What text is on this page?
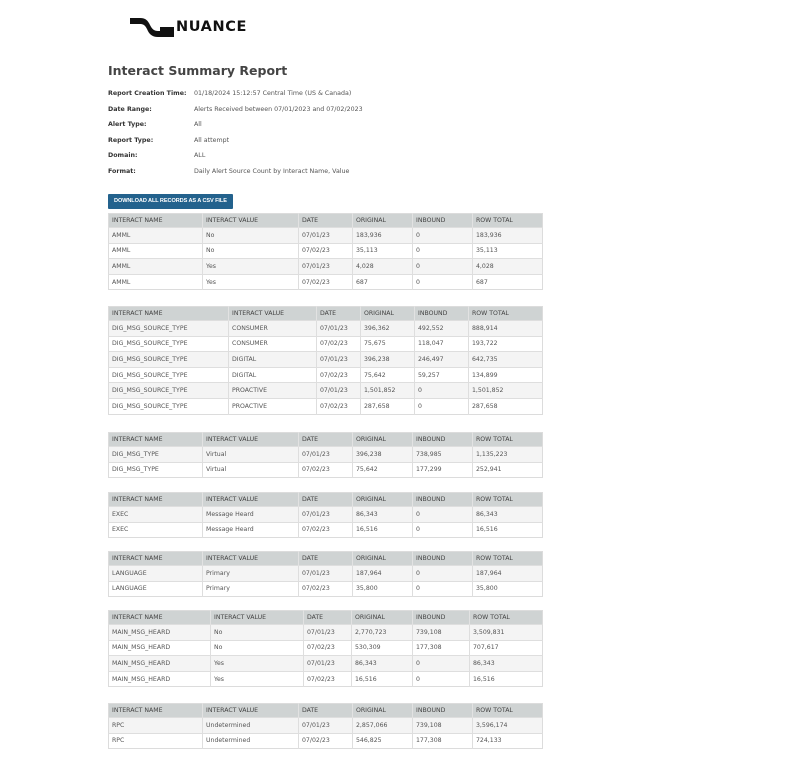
NUANCE
Interact Summary Report
Report Creation Time:	01/18/2024 15:12:57 Central Time (US & Canada)
Date Range:	Alerts Received between 07/01/2023 and 07/02/2023
Alert Type:	All
Report Type:	All attempt
Domain:	ALL
Format:	Daily Alert Source Count by Interact Name, Value
DOWNLOAD ALL RECORDS AS A CSV FILE
INTERACT NAME	INTERACT VALUE	DATE	ORIGINAL	INBOUND	ROW TOTAL
AMML	No	07/01/23	183,936	0	183,936
AMML	No	07/02/23	35,113	0	35,113
AMML	Yes	07/01/23	4,028	0	4,028
AMML	Yes	07/02/23	687	0	687
INTERACT NAME	INTERACT VALUE	DATE	ORIGINAL	INBOUND	ROW TOTAL
DIG_MSG_SOURCE_TYPE	CONSUMER	07/01/23	396,362	492,552	888,914
DIG_MSG_SOURCE_TYPE	CONSUMER	07/02/23	75,675	118,047	193,722
DIG_MSG_SOURCE_TYPE	DIGITAL	07/01/23	396,238	246,497	642,735
DIG_MSG_SOURCE_TYPE	DIGITAL	07/02/23	75,642	59,257	134,899
DIG_MSG_SOURCE_TYPE	PROACTIVE	07/01/23	1,501,852	0	1,501,852
DIG_MSG_SOURCE_TYPE	PROACTIVE	07/02/23	287,658	0	287,658
INTERACT NAME	INTERACT VALUE	DATE	ORIGINAL	INBOUND	ROW TOTAL
DIG_MSG_TYPE	Virtual	07/01/23	396,238	738,985	1,135,223
DIG_MSG_TYPE	Virtual	07/02/23	75,642	177,299	252,941
INTERACT NAME	INTERACT VALUE	DATE	ORIGINAL	INBOUND	ROW TOTAL
EXEC	Message Heard	07/01/23	86,343	0	86,343
EXEC	Message Heard	07/02/23	16,516	0	16,516
INTERACT NAME	INTERACT VALUE	DATE	ORIGINAL	INBOUND	ROW TOTAL
LANGUAGE	Primary	07/01/23	187,964	0	187,964
LANGUAGE	Primary	07/02/23	35,800	0	35,800
INTERACT NAME	INTERACT VALUE	DATE	ORIGINAL	INBOUND	ROW TOTAL
MAIN_MSG_HEARD	No	07/01/23	2,770,723	739,108	3,509,831
MAIN_MSG_HEARD	No	07/02/23	530,309	177,308	707,617
MAIN_MSG_HEARD	Yes	07/01/23	86,343	0	86,343
MAIN_MSG_HEARD	Yes	07/02/23	16,516	0	16,516
INTERACT NAME	INTERACT VALUE	DATE	ORIGINAL	INBOUND	ROW TOTAL
RPC	Undetermined	07/01/23	2,857,066	739,108	3,596,174
RPC	Undetermined	07/02/23	546,825	177,308	724,133
